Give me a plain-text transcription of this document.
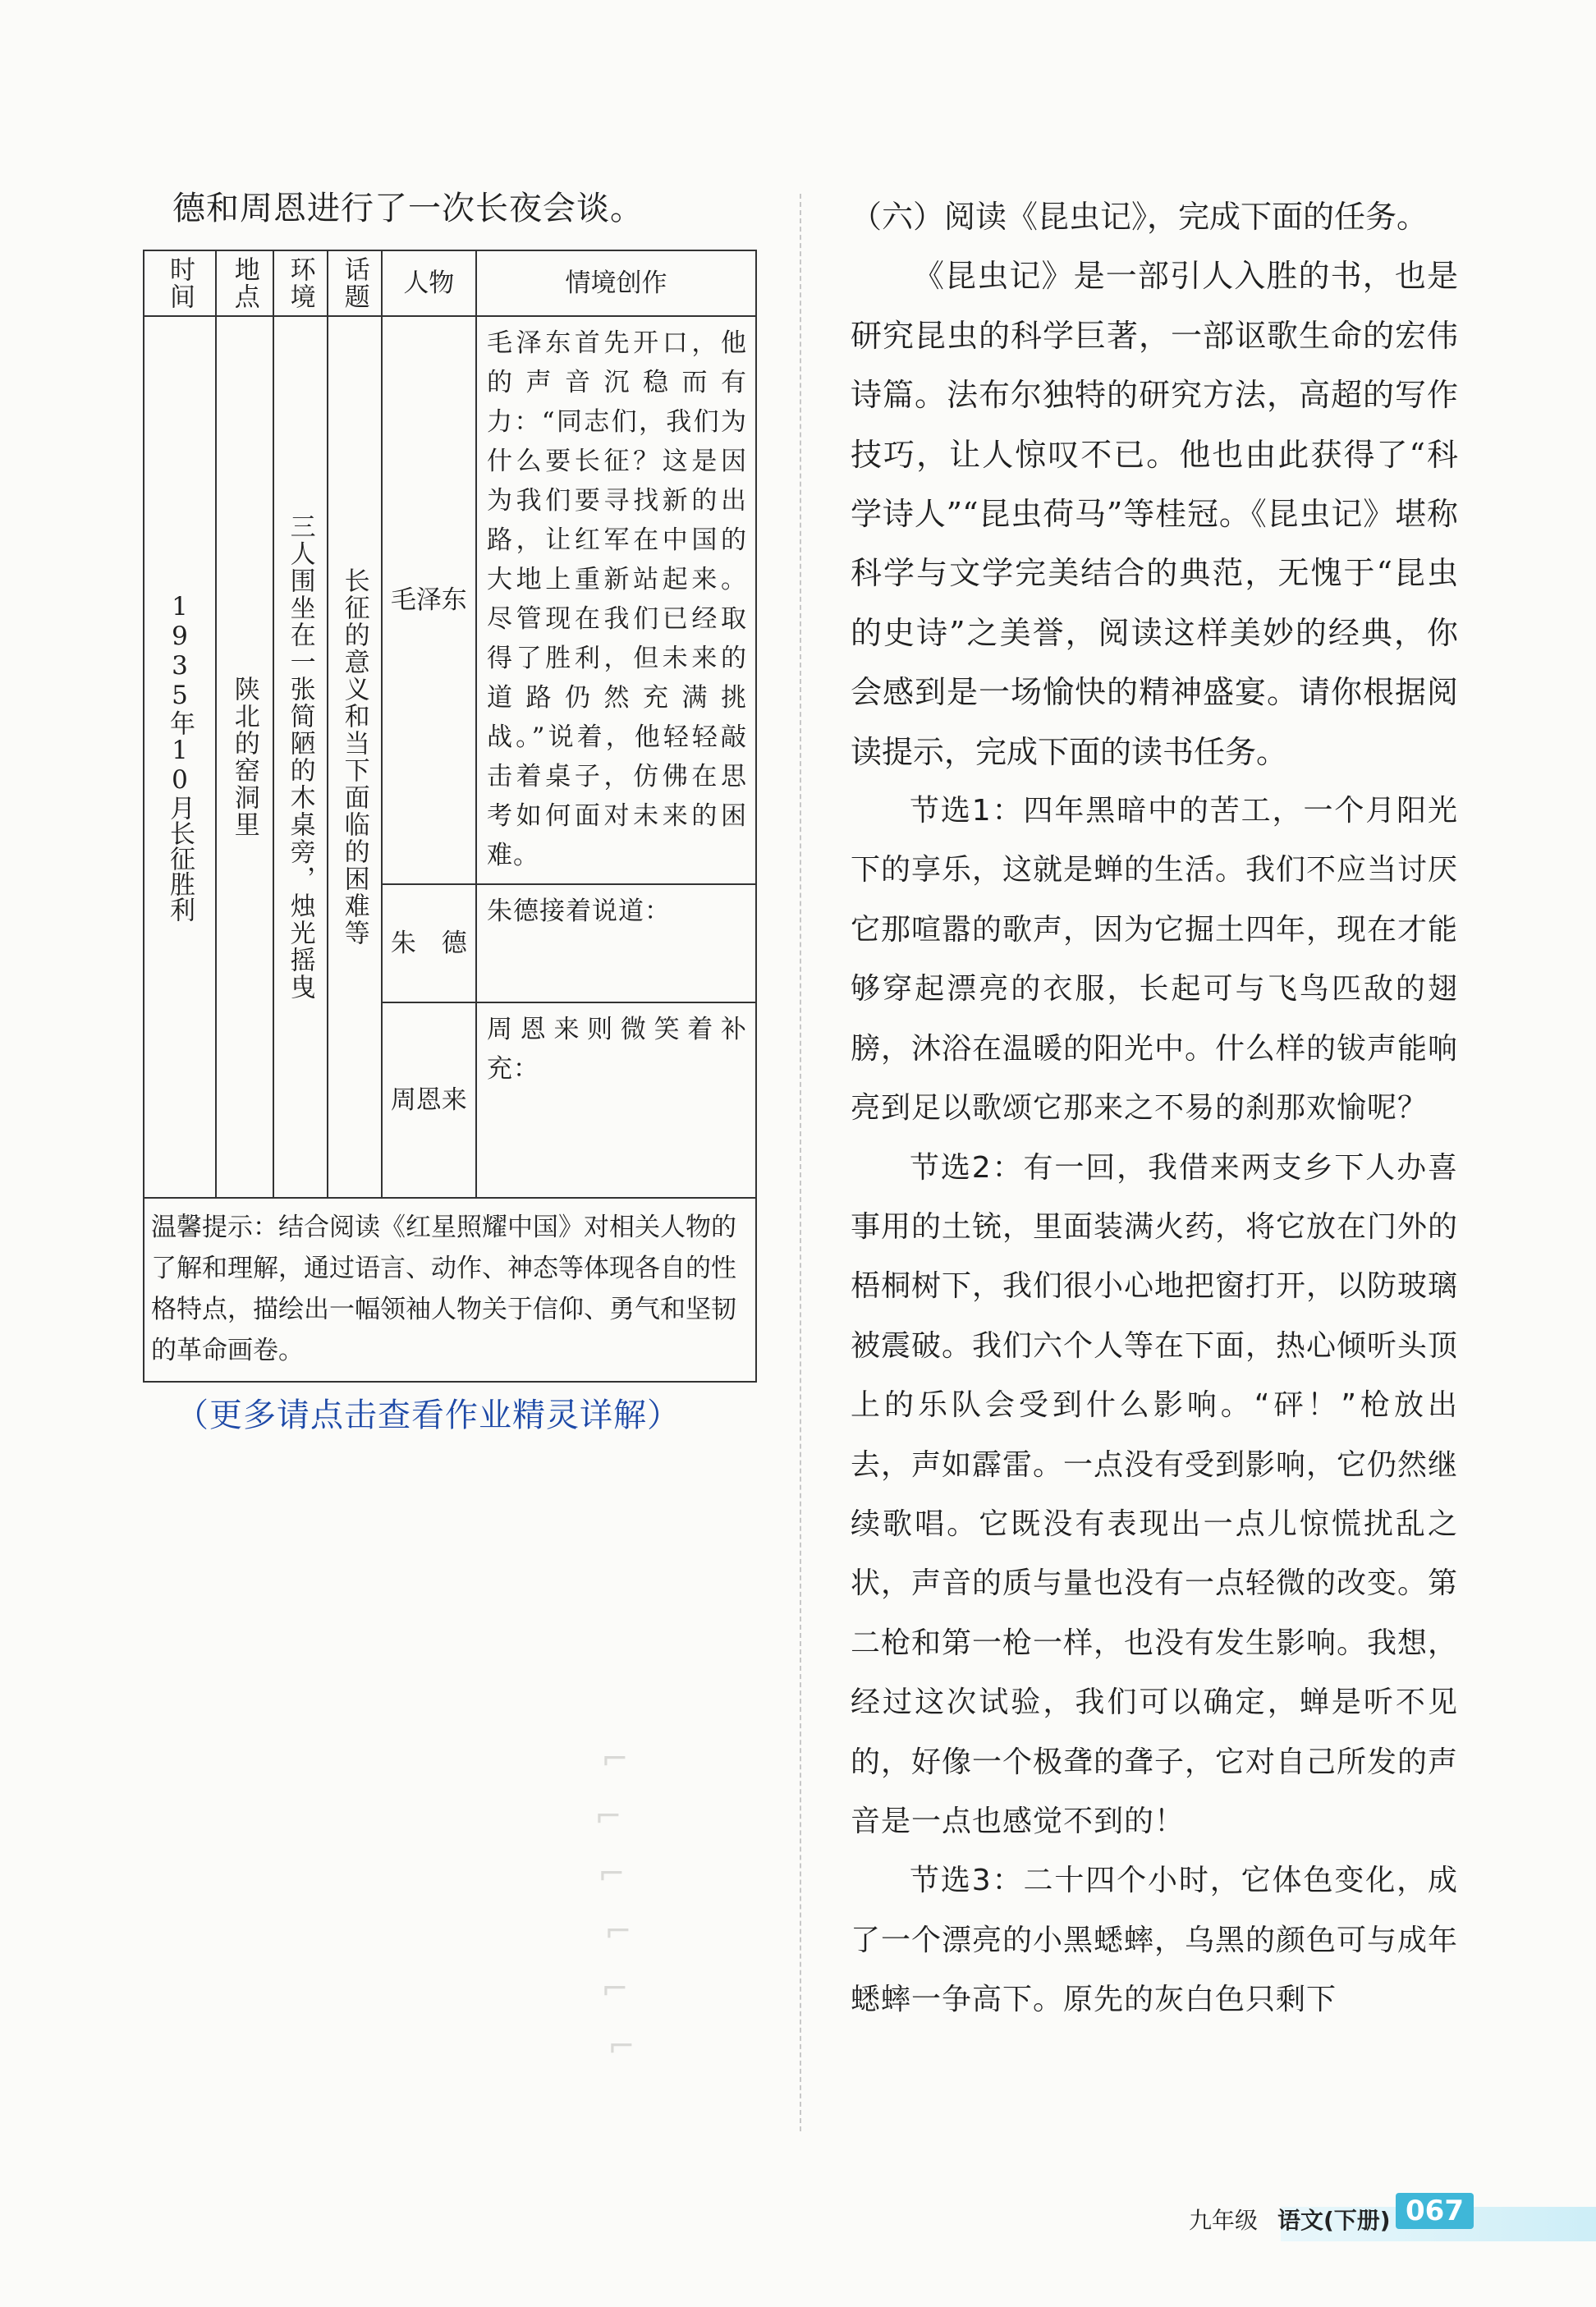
德和周恩进行了一次长夜会谈。
时间	地点	环境	话题	人物	情境创作

1935年10月长征胜利	陕北的窑洞里	三人围坐在一张简陋的木桌旁，烛光摇曳	长征的意义和当下面临的困难等	毛泽东	毛泽东首先开口，他的声音沉稳而有力：“同志们，我们为什么要长征？这是因为我们要寻找新的出路，让红军在中国的大地上重新站起来。尽管现在我们已经取得了胜利，但未来的道路仍然充满挑战。”说着，他轻轻敲击着桌子，仿佛在思考如何面对未来的困难。
				朱　德	朱德接着说道：
				周恩来	周恩来则微笑着补充：
温馨提示：结合阅读《红星照耀中国》对相关人物的了解和理解，通过语言、动作、神态等体现各自的性格特点，描绘出一幅领袖人物关于信仰、勇气和坚韧的革命画卷。					
（更多请点击查看作业精灵详解）
⌐
⌐
⌐
⌐
⌐
⌐

（六）阅读《昆虫记》，完成下面的任务。

《昆虫记》是一部引人入胜的书，也是研究昆虫的科学巨著，一部讴歌生命的宏伟诗篇。法布尔独特的研究方法，高超的写作技巧，让人惊叹不已。他也由此获得了“科学诗人”“昆虫荷马”等桂冠。《昆虫记》堪称科学与文学完美结合的典范，无愧于“昆虫的史诗”之美誉，阅读这样美妙的经典，你会感到是一场愉快的精神盛宴。请你根据阅读提示，完成下面的读书任务。

节选1：四年黑暗中的苦工，一个月阳光下的享乐，这就是蝉的生活。我们不应当讨厌它那喧嚣的歌声，因为它掘土四年，现在才能够穿起漂亮的衣服，长起可与飞鸟匹敌的翅膀，沐浴在温暖的阳光中。什么样的钹声能响亮到足以歌颂它那来之不易的刹那欢愉呢？

节选2：有一回，我借来两支乡下人办喜事用的土铳，里面装满火药，将它放在门外的梧桐树下，我们很小心地把窗打开，以防玻璃被震破。我们六个人等在下面，热心倾听头顶上的乐队会受到什么影响。“砰！”枪放出去，声如霹雷。一点没有受到影响，它仍然继续歌唱。它既没有表现出一点儿惊慌扰乱之状，声音的质与量也没有一点轻微的改变。第二枪和第一枪一样，也没有发生影响。我想，经过这次试验，我们可以确定，蝉是听不见的，好像一个极聋的聋子，它对自己所发的声音是一点也感觉不到的！

节选3：二十四个小时，它体色变化，成了一个漂亮的小黑蟋蟀，乌黑的颜色可与成年蟋蟀一争高下。原先的灰白色只剩下

九年级 语文(下册) 067
